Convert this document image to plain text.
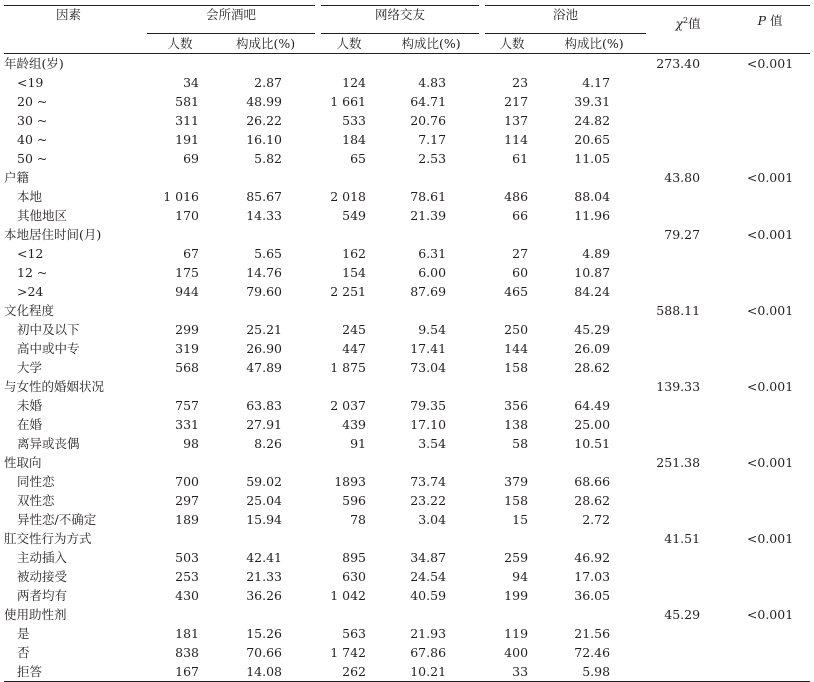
因素	会所酒吧		网络交友		浴池		$\chi^2$值	P 值
	人数	构成比(%)	人数	构成比(%)	人数	构成比(%)		
年龄组(岁)							273.40	<0.001
<19	34	2.87	124	4.83	23	4.17		
20 ~	581	48.99	1 661	64.71	217	39.31		
30 ~	311	26.22	533	20.76	137	24.82		
40 ~	191	16.10	184	7.17	114	20.65		
50 ~	69	5.82	65	2.53	61	11.05		
户籍							43.80	<0.001
本地	1 016	85.67	2 018	78.61	486	88.04		
其他地区	170	14.33	549	21.39	66	11.96		
本地居住时间(月)							79.27	<0.001
<12	67	5.65	162	6.31	27	4.89		
12 ~	175	14.76	154	6.00	60	10.87		
>24	944	79.60	2 251	87.69	465	84.24		
文化程度							588.11	<0.001
初中及以下	299	25.21	245	9.54	250	45.29		
高中或中专	319	26.90	447	17.41	144	26.09		
大学	568	47.89	1 875	73.04	158	28.62		
与女性的婚姻状况							139.33	<0.001
未婚	757	63.83	2 037	79.35	356	64.49		
在婚	331	27.91	439	17.10	138	25.00		
离异或丧偶	98	8.26	91	3.54	58	10.51		
性取向							251.38	<0.001
同性恋	700	59.02	1893	73.74	379	68.66		
双性恋	297	25.04	596	23.22	158	28.62		
异性恋/不确定	189	15.94	78	3.04	15	2.72		
肛交性行为方式							41.51	<0.001
主动插入	503	42.41	895	34.87	259	46.92		
被动接受	253	21.33	630	24.54	94	17.03		
两者均有	430	36.26	1 042	40.59	199	36.05		
使用助性剂							45.29	<0.001
是	181	15.26	563	21.93	119	21.56		
否	838	70.66	1 742	67.86	400	72.46		
拒答	167	14.08	262	10.21	33	5.98		
